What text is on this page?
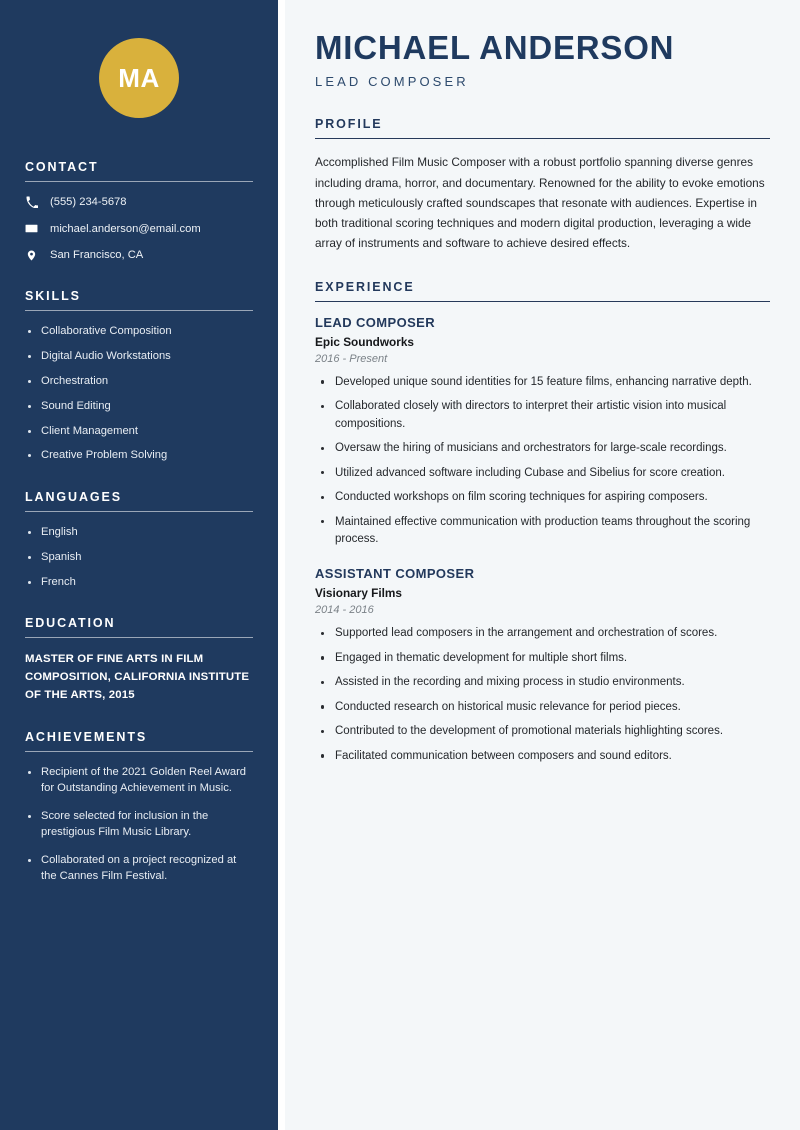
MA
CONTACT
(555) 234-5678
michael.anderson@email.com
San Francisco, CA
SKILLS
Collaborative Composition
Digital Audio Workstations
Orchestration
Sound Editing
Client Management
Creative Problem Solving
LANGUAGES
English
Spanish
French
EDUCATION
MASTER OF FINE ARTS IN FILM COMPOSITION, CALIFORNIA INSTITUTE OF THE ARTS, 2015
ACHIEVEMENTS
Recipient of the 2021 Golden Reel Award for Outstanding Achievement in Music.
Score selected for inclusion in the prestigious Film Music Library.
Collaborated on a project recognized at the Cannes Film Festival.
MICHAEL ANDERSON
LEAD COMPOSER
PROFILE

Accomplished Film Music Composer with a robust portfolio spanning diverse genres including drama, horror, and documentary. Renowned for the ability to evoke emotions through meticulously crafted soundscapes that resonate with audiences. Expertise in both traditional scoring techniques and modern digital production, leveraging a wide array of instruments and software to achieve desired effects.

EXPERIENCE
LEAD COMPOSER
Epic Soundworks
2016 - Present
Developed unique sound identities for 15 feature films, enhancing narrative depth.
Collaborated closely with directors to interpret their artistic vision into musical compositions.
Oversaw the hiring of musicians and orchestrators for large-scale recordings.
Utilized advanced software including Cubase and Sibelius for score creation.
Conducted workshops on film scoring techniques for aspiring composers.
Maintained effective communication with production teams throughout the scoring process.
ASSISTANT COMPOSER
Visionary Films
2014 - 2016
Supported lead composers in the arrangement and orchestration of scores.
Engaged in thematic development for multiple short films.
Assisted in the recording and mixing process in studio environments.
Conducted research on historical music relevance for period pieces.
Contributed to the development of promotional materials highlighting scores.
Facilitated communication between composers and sound editors.
